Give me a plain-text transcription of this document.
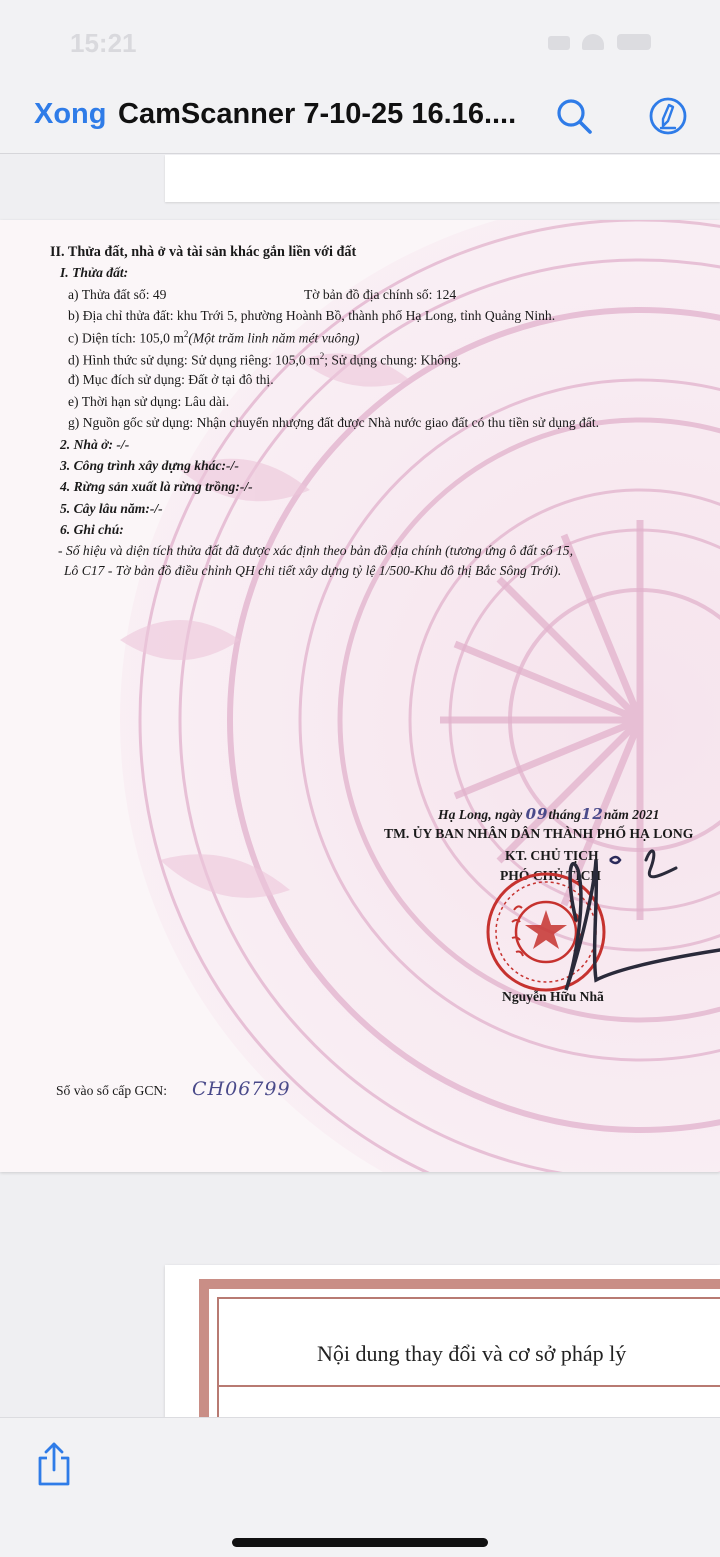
15:21

Xong CamScanner 7-10-25 16.16....
II. Thửa đất, nhà ở và tài sản khác gắn liền với đất
I. Thửa đất:
a) Thửa đất số: 49	Tờ bản đồ địa chính số: 124
b) Địa chỉ thửa đất: khu Trới 5, phường Hoành Bồ, thành phố Hạ Long, tỉnh Quảng Ninh.
c) Diện tích: 105,0 $m^2(Một$ trăm linh năm mét vuông)
d) Hình thức sử dụng: Sử dụng riêng: 105,0 $m^2$; Sử dụng chung: Không.
đ) Mục đích sử dụng: Đất ở tại đô thị.
e) Thời hạn sử dụng: Lâu dài.
g) Nguồn gốc sử dụng: Nhận chuyển nhượng đất được Nhà nước giao đất có thu tiền sử dụng đất.
2. Nhà ở: -/-
3. Công trình xây dựng khác:-/-
4. Rừng sản xuất là rừng trồng:-/-
5. Cây lâu năm:-/-
6. Ghi chú:
- Số hiệu và diện tích thửa đất đã được xác định theo bản đồ địa chính (tương ứng ô đất số 15,
Lô C17 - Tờ bản đồ điều chỉnh QH chi tiết xây dựng tỷ lệ 1/500-Khu đô thị Bắc Sông Trới).
Hạ Long, ngày 09tháng12năm 2021
TM. ỦY BAN NHÂN DÂN THÀNH PHỐ HẠ LONG
KT. CHỦ TỊCH
PHÓ CHỦ TỊCH
Nguyễn Hữu Nhã
Số vào sổ cấp GCN: CH06799
Nội dung thay đổi và cơ sở pháp lý
